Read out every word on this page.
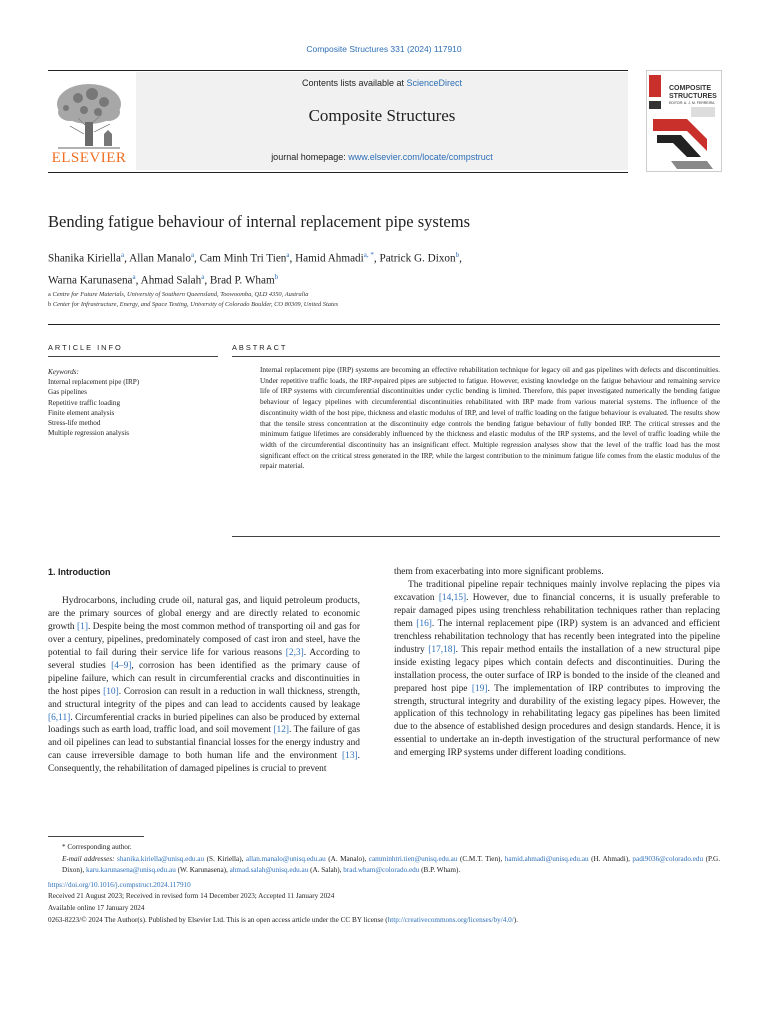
Composite Structures 331 (2024) 117910
ELSEVIER
Contents lists available at ScienceDirect
Composite Structures
journal homepage: www.elsevier.com/locate/compstruct
COMPOSITE
STRUCTURES
EDITOR: A. J. M. FERREIRA
Bending fatigue behaviour of internal replacement pipe systems
Shanika Kiriella$^a$, Allan Manalo$^a$, Cam Minh Tri Tien$^a$, Hamid Ahmadi$^{a, *}$, Patrick G. Dixon$^b$,
Warna Karunasena$^a$, Ahmad Salah$^a$, Brad P. Wham$^b$
a Centre for Future Materials, University of Southern Queensland, Toowoomba, QLD 4350, Australia
b Center for Infrastructure, Energy, and Space Testing, University of Colorado Boulder, CO 80309, United States
ARTICLE INFO
Keywords:
Internal replacement pipe (IRP)
Gas pipelines
Repetitive traffic loading
Finite element analysis
Stress-life method
Multiple regression analysis
ABSTRACT
Internal replacement pipe (IRP) systems are becoming an effective rehabilitation technique for legacy oil and gas pipelines with defects and discontinuities. Under repetitive traffic loads, the IRP-repaired pipes are subjected to fatigue. However, existing knowledge on the fatigue behaviour and remaining service life of IRP systems with circumferential discontinuities under cyclic bending is limited. Therefore, this paper investigated numerically the bending fatigue behaviour of legacy pipelines with circumferential discontinuities rehabilitated with IRP made from various material systems. The influence of the discontinuity width of the host pipe, thickness and elastic modulus of IRP, and level of traffic loading on the fatigue behaviour is evaluated. The results show that the tensile stress concentration at the discontinuity edge controls the bending fatigue behaviour of fully bonded IRP. The critical stresses and the minimum fatigue lifetimes are considerably influenced by the thickness and elastic modulus of the IRP systems, and the level of traffic loading while the width of the circumferential discontinuity has an insignificant effect. Multiple regression analyses show that the level of the traffic load has the most significant effect on the critical stress generated in the IRP, while the largest contribution to the minimum fatigue life comes from the elastic modulus of the repair material.
1. Introduction

Hydrocarbons, including crude oil, natural gas, and liquid petroleum products, are the primary sources of global energy and are directly related to economic growth [1]. Despite being the most common method of transporting oil and gas for over a century, pipelines, predominately composed of cast iron and steel, have the potential to fail during their service life for various reasons [2,3]. According to several studies [4–9], corrosion has been identified as the primary cause of pipeline failure, which can result in circumferential cracks and discontinuities in the host pipes [10]. Corrosion can result in a reduction in wall thickness, strength, and structural integrity of the pipes and can lead to accidents caused by leakage [6,11]. Circumferential cracks in buried pipelines can also be produced by external loadings such as earth load, traffic load, and soil movement [12]. The failure of gas and oil pipelines can lead to substantial financial losses for the energy industry and can cause irreversible damage to both human life and the environment [13]. Consequently, the rehabilitation of damaged pipelines is crucial to prevent

them from exacerbating into more significant problems.

The traditional pipeline repair techniques mainly involve replacing the pipes via excavation [14,15]. However, due to financial concerns, it is usually preferable to repair damaged pipes using trenchless rehabilitation techniques rather than replacing them [16]. The internal replacement pipe (IRP) system is an advanced and efficient trenchless rehabilitation technology that has recently been integrated into the pipeline industry [17,18]. This repair method entails the installation of a new structural pipe inside existing legacy pipes which contain defects and discontinuities. During the installation process, the outer surface of IRP is bonded to the inside of the cleaned and prepared host pipe [19]. The implementation of IRP contributes to improving the strength, structural integrity and durability of the existing legacy pipes. However, the application of this technology in rehabilitating legacy gas pipelines has been limited due to the absence of established design procedures and design standards. Hence, it is essential to undertake an in-depth investigation of the structural performance of new and emerging IRP systems under different loading conditions.

* Corresponding author.
E-mail addresses: shanika.kiriella@unisq.edu.au (S. Kiriella), allan.manalo@unisq.edu.au (A. Manalo), camminhtri.tien@unisq.edu.au (C.M.T. Tien), hamid.ahmadi@unisq.edu.au (H. Ahmadi), padi9036@colorado.edu (P.G. Dixon), karu.karunasena@unisq.edu.au (W. Karunasena), ahmad.salah@unisq.edu.au (A. Salah), brad.wham@colorado.edu (B.P. Wham).
https://doi.org/10.1016/j.compstruct.2024.117910
Received 21 August 2023; Received in revised form 14 December 2023; Accepted 11 January 2024
Available online 17 January 2024
0263-8223/© 2024 The Author(s). Published by Elsevier Ltd. This is an open access article under the CC BY license (http://creativecommons.org/licenses/by/4.0/).
